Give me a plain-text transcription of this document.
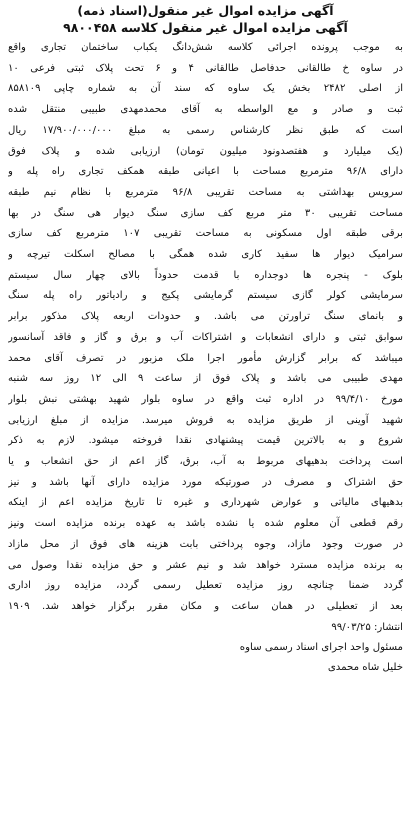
آگهی مزایده اموال غیر منقول(اسناد ذمه)
آگهی مزایده اموال غیر منقول کلاسه ۹۸۰۰۴۵۸
به موجب پرونده اجرائی کلاسه شش‌دانگ یکباب ساختمان تجاری واقع
در ساوه خ طالقانی حدفاصل طالقانی ۴ و ۶ تحت پلاک ثبتی فرعی ۱۰
از اصلی ۲۴۸۲ بخش یک ساوه که سند آن به شماره چاپی ۸۵۸۱۰۹
ثبت و صادر و مع الواسطه به آقای محمدمهدی طبیبی منتقل شده
است که طبق نظر کارشناس رسمی به مبلغ ۱۷/۹۰۰/۰۰۰/۰۰۰ ریال
(یک میلیارد و هفتصدونود میلیون تومان) ارزیابی شده و پلاک فوق
دارای ۹۶/۸ مترمربع مساحت با اعیانی طبقه همکف تجاری راه پله و
سرویس بهداشتی به مساحت تقریبی ۹۶/۸ مترمربع با نظام نیم طبقه
مساحت تقریبی ۳۰ متر مربع کف سازی سنگ دیوار هی سنگ در بها
برقی طبقه اول مسکونی به مساحت تقریبی ۱۰۷ مترمربع کف سازی
سرامیک دیوار ها سفید کاری شده همگی با مصالح اسکلت تیرچه و
بلوک - پنجره ها دوجداره با قدمت حدوداً بالای چهار سال سیستم
سرمایشی کولر گازی سیستم گرمایشی پکیج و رادیاتور راه پله سنگ
و بانمای سنگ تراورتن می باشد. و حدودات اربعه پلاک مذکور برابر
سوابق ثبتی و دارای انشعابات و اشتراکات آب و برق و گاز و فاقد آسانسور
میباشد که برابر گزارش مأمور اجرا ملک مزبور در تصرف آقای محمد
مهدی طبیبی می باشد و پلاک فوق از ساعت ۹ الی ۱۲ روز سه شنبه
مورخ ۹۹/۴/۱۰ در اداره ثبت واقع در ساوه بلوار شهید بهشتی نبش بلوار
شهید آوینی از طریق مزایده به فروش میرسد. مزایده از مبلغ ارزیابی
شروع و به بالاترین قیمت پیشنهادی نقدا فروخته میشود. لازم به ذکر
است پرداخت بدهیهای مربوط به آب، برق، گاز اعم از حق انشعاب و یا
حق اشتراک و مصرف در صورتیکه مورد مزایده دارای آنها باشد و نیز
بدهیهای مالیاتی و عوارض شهرداری و غیره تا تاریخ مزایده اعم از اینکه
رقم قطعی آن معلوم شده یا نشده باشد به عهده برنده مزایده است ونیز
در صورت وجود مازاد، وجوه پرداختی بابت هزینه های فوق از محل مازاد
به برنده مزایده مسترد خواهد شد و نیم عشر و حق مزایده نقدا وصول می
گردد ضمنا چنانچه روز مزایده تعطیل رسمی گردد، مزایده روز اداری
بعد از تعطیلی در همان ساعت و مکان مقرر برگزار خواهد شد. ۱۹۰۹
انتشار: ۹۹/۰۳/۲۵
مسئول واحد اجرای اسناد رسمی ساوه
خلیل شاه محمدی
